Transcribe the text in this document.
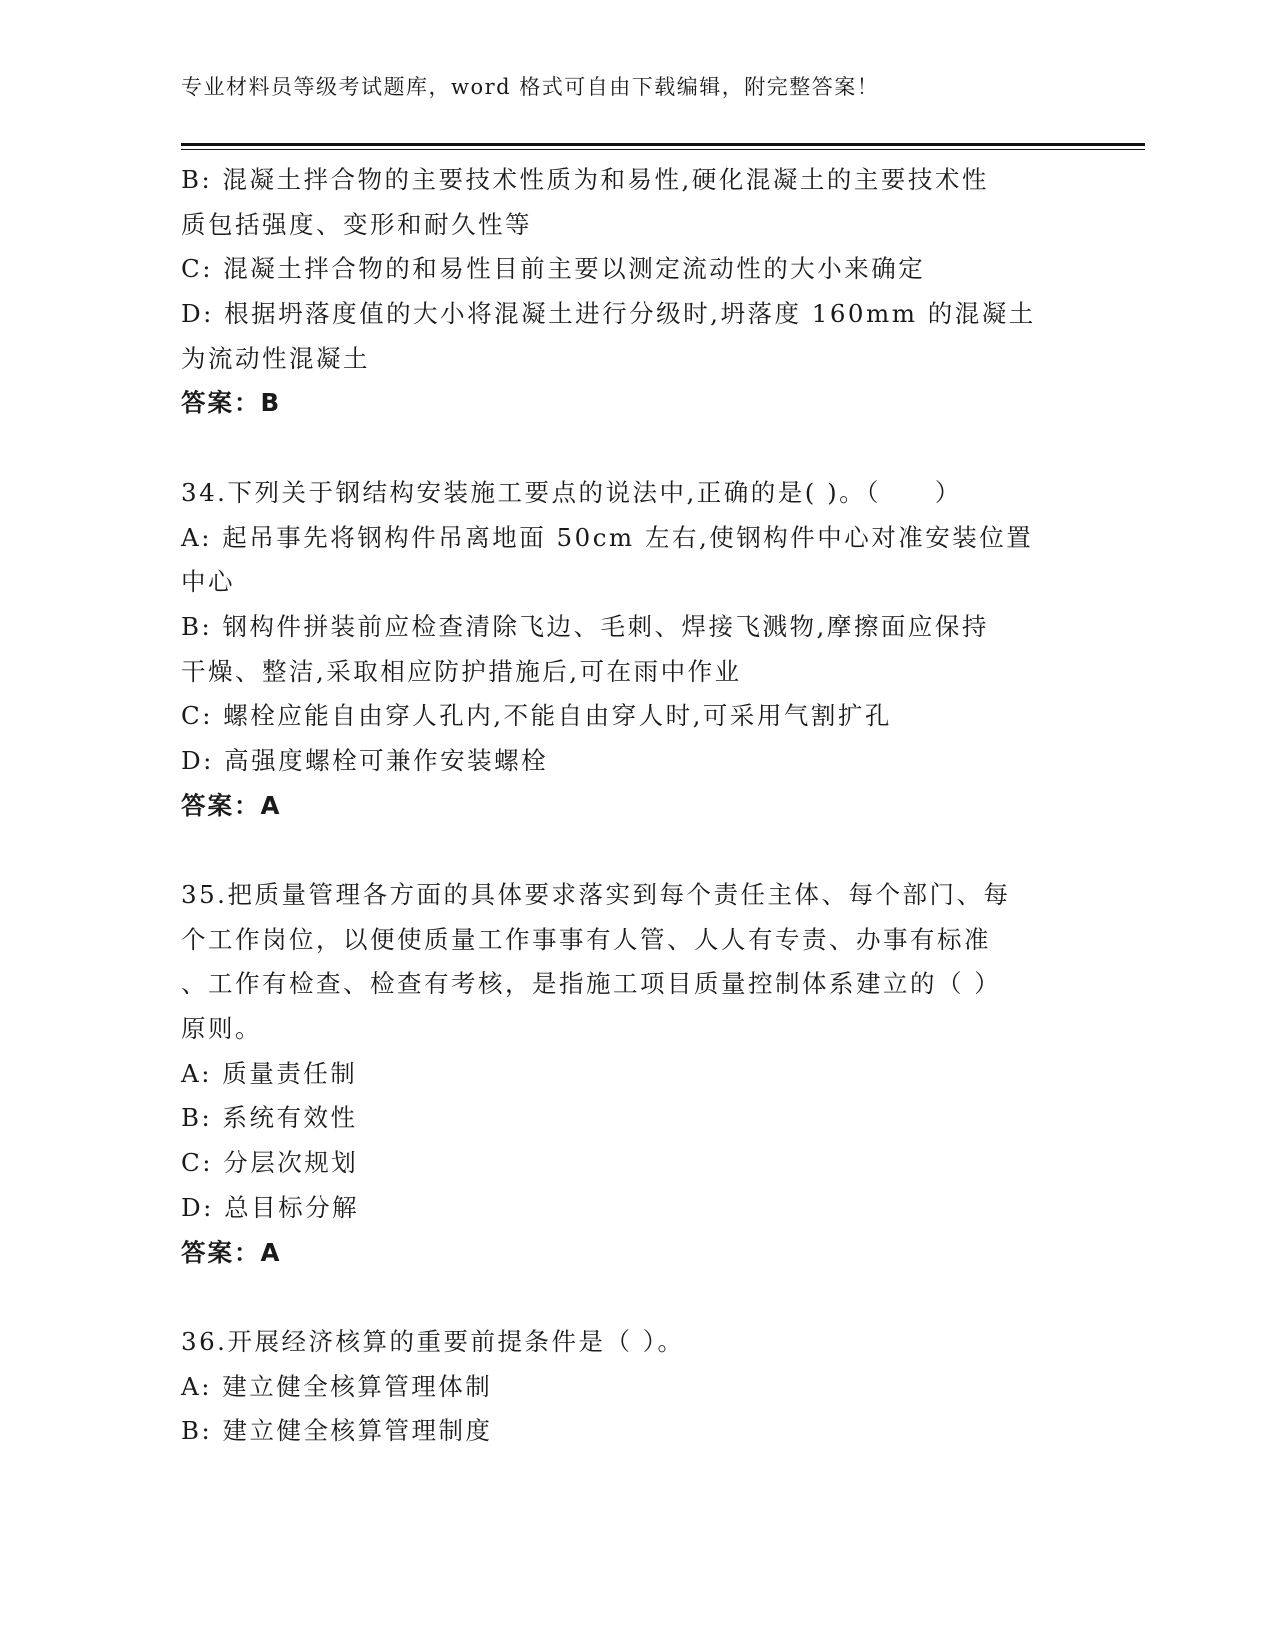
专业材料员等级考试题库，word 格式可自由下载编辑，附完整答案！
B: 混凝土拌合物的主要技术性质为和易性,硬化混凝土的主要技术性
质包括强度、变形和耐久性等
C: 混凝土拌合物的和易性目前主要以测定流动性的大小来确定
D: 根据坍落度值的大小将混凝土进行分级时,坍落度 160mm 的混凝土
为流动性混凝土
答案：B
34.下列关于钢结构安装施工要点的说法中,正确的是( )。（　　）
A: 起吊事先将钢构件吊离地面 50cm 左右,使钢构件中心对准安装位置
中心
B: 钢构件拼装前应检查清除飞边、毛刺、焊接飞溅物,摩擦面应保持
干燥、整洁,采取相应防护措施后,可在雨中作业
C: 螺栓应能自由穿人孔内,不能自由穿人时,可采用气割扩孔
D: 高强度螺栓可兼作安装螺栓
答案：A
35.把质量管理各方面的具体要求落实到每个责任主体、每个部门、每
个工作岗位，以便使质量工作事事有人管、人人有专责、办事有标准
、工作有检查、检查有考核，是指施工项目质量控制体系建立的（ ）
原则。
A: 质量责任制
B: 系统有效性
C: 分层次规划
D: 总目标分解
答案：A
36.开展经济核算的重要前提条件是（ ）。
A: 建立健全核算管理体制
B: 建立健全核算管理制度
